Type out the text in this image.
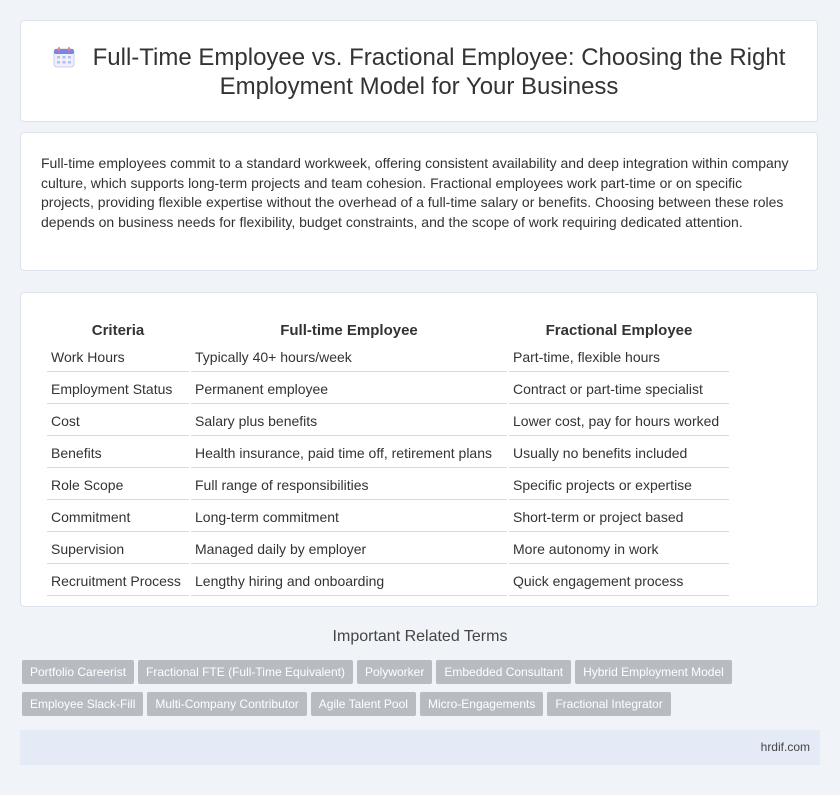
Full-Time Employee vs. Fractional Employee: Choosing the Right Employment Model for Your Business
Full-time employees commit to a standard workweek, offering consistent availability and deep integration within company culture, which supports long-term projects and team cohesion. Fractional employees work part-time or on specific projects, providing flexible expertise without the overhead of a full-time salary or benefits. Choosing between these roles depends on business needs for flexibility, budget constraints, and the scope of work requiring dedicated attention.
Criteria	Full-time Employee	Fractional Employee
Work Hours	Typically 40+ hours/week	Part-time, flexible hours
Employment Status	Permanent employee	Contract or part-time specialist
Cost	Salary plus benefits	Lower cost, pay for hours worked
Benefits	Health insurance, paid time off, retirement plans	Usually no benefits included
Role Scope	Full range of responsibilities	Specific projects or expertise
Commitment	Long-term commitment	Short-term or project based
Supervision	Managed daily by employer	More autonomy in work
Recruitment Process	Lengthy hiring and onboarding	Quick engagement process
Important Related Terms
Portfolio Careerist Fractional FTE (Full-Time Equivalent) Polyworker Embedded Consultant Hybrid Employment Model
Employee Slack-Fill Multi-Company Contributor Agile Talent Pool Micro-Engagements Fractional Integrator
hrdif.com
